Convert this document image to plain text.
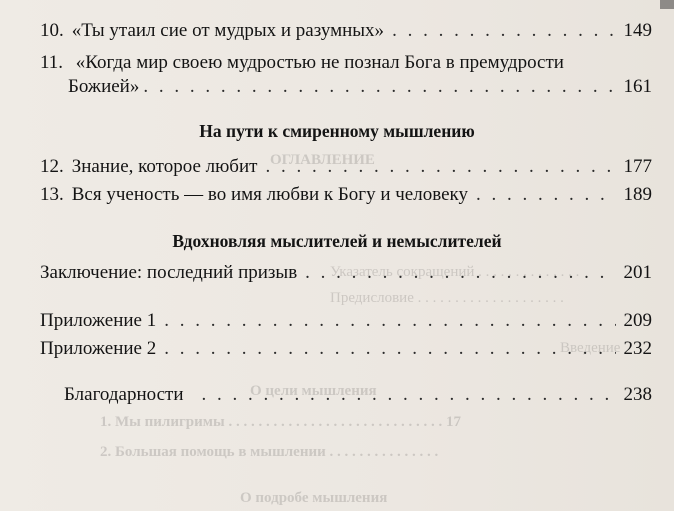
ОГЛАВЛЕНИЕ
Указатель сокращений . . . . . . . . . . . . . .
Предисловие . . . . . . . . . . . . . . . . . . . .
Введение
О цели мышления
1. Мы пилигримы . . . . . . . . . . . . . . . . . . . . . . . . . . . . . 17
2. Большая помощь в мышлении . . . . . . . . . . . . . . .
О подробе мышления
10. «Ты утаил сие от мудрых и разумных» . . .	149
11. «Когда мир своею мудростью не познал Бога в премудрости
Божией» . . .	161
На пути к смиренному мышлению
12. Знание, которое любит . . .	177
13. Вся ученость — во имя любви к Богу и человеку . . .	189
Вдохновляя мыслителей и немыслителей
Заключение: последний призыв . . .	201
Приложение 1 . . .	209
Приложение 2 . . .	232
Благодарности . . .	238
